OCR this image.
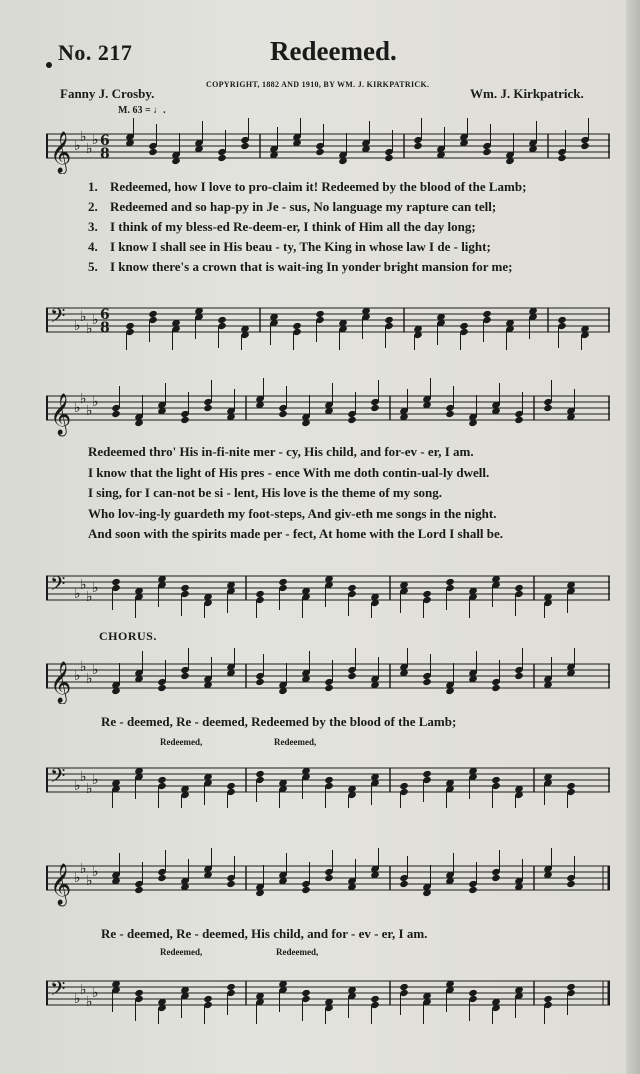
No. 217	Redeemed.
COPYRIGHT, 1882 AND 1910, BY WM. J. KIRKPATRICK.
Fanny J. Crosby.	Wm. J. Kirkpatrick.
M. 63 = ♩.
𝄞 ♭
♭
♭
♭ 6
8
1. Redeemed, how I love to pro-claim it! Redeemed by the blood of the Lamb;
2. Redeemed and so hap-py in Je - sus, No language my rapture can tell;
3. I think of my bless-ed Re-deem-er, I think of Him all the day long;
4. I know I shall see in His beau - ty, The King in whose law I de - light;
5. I know there's a crown that is wait-ing In yonder bright mansion for me;
𝄢 ♭
♭
♭
♭ 6
8
𝄞 ♭
♭
♭
♭
Redeemed thro' His in-fi-nite mer - cy, His child, and for-ev - er, I am.
I know that the light of His pres - ence With me doth contin-ual-ly dwell.
I sing, for I can-not be si - lent, His love is the theme of my song.
Who lov-ing-ly guardeth my foot-steps, And giv-eth me songs in the night.
And soon with the spirits made per - fect, At home with the Lord I shall be.
𝄢 ♭
♭
♭
♭
CHORUS.
𝄞 ♭
♭
♭
♭
Re - deemed, Re - deemed, Redeemed by the blood of the Lamb;
Redeemed,	Redeemed,
𝄢 ♭
♭
♭
♭
𝄞 ♭
♭
♭
♭
Re - deemed, Re - deemed, His child, and for - ev - er, I am.
Redeemed,	Redeemed,
𝄢 ♭
♭
♭
♭
